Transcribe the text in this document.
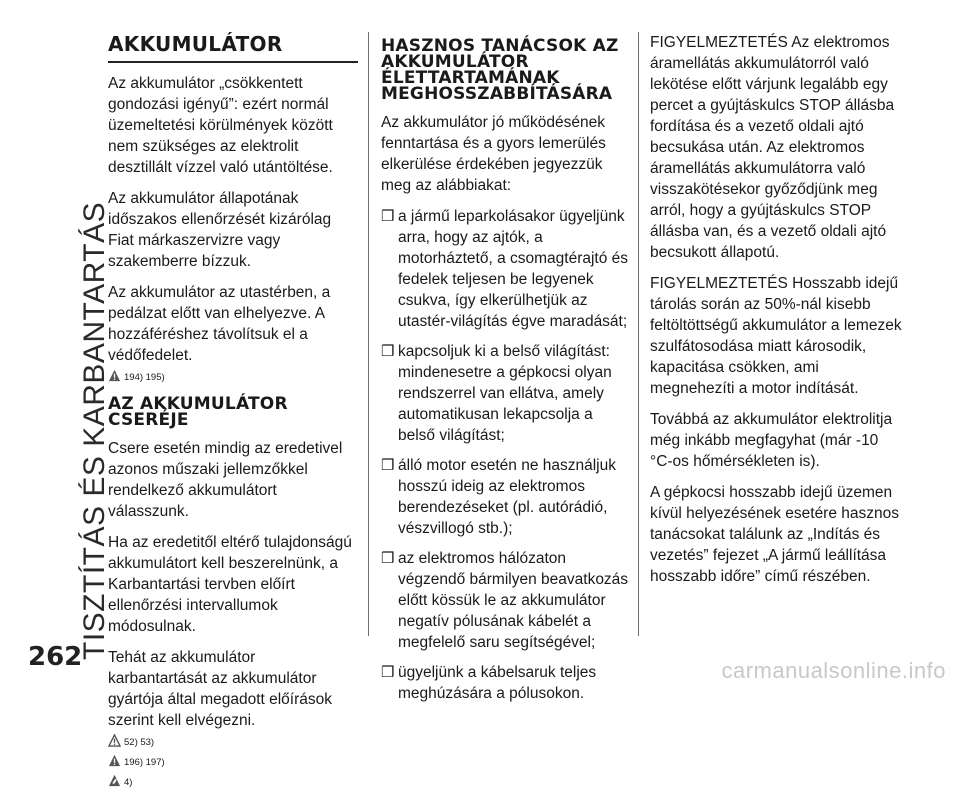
TISZTÍTÁS ÉS KARBANTARTÁS
AKKUMULÁTOR

Az akkumulátor „csökkentett gondozási igényű”: ezért normál üzemeltetési körülmények között nem szükséges az elektrolit desztillált vízzel való utántöltése.

Az akkumulátor állapotának időszakos ellenőrzését kizárólag Fiat márkaszervizre vagy szakemberre bízzuk.

Az akkumulátor az utastérben, a pedálzat előtt van elhelyezve. A hozzáféréshez távolítsuk el a védőfedelet.

194) 195)
AZ AKKUMULÁTOR
CSERÉJE

Csere esetén mindig az eredetivel azonos műszaki jellemzőkkel rendelkező akkumulátort válasszunk.

Ha az eredetitől eltérő tulajdonságú akkumulátort kell beszerelnünk, a Karbantartási tervben előírt ellenőrzési intervallumok módosulnak.

Tehát az akkumulátor karbantartását az akkumulátor gyártója által megadott előírások szerint kell elvégezni.

52) 53)
196) 197)
4)
HASZNOS TANÁCSOK AZ
AKKUMULÁTOR
ÉLETTARTAMÁNAK
MEGHOSSZABBÍTÁSÁRA

Az akkumulátor jó működésének fenntartása és a gyors lemerülés elkerülése érdekében jegyezzük meg az alábbiakat:

❒ a jármű leparkolásakor ügyeljünk arra, hogy az ajtók, a motorháztető, a csomagtérajtó és fedelek teljesen be legyenek csukva, így elkerülhetjük az utastér-világítás égve maradását;
❒ kapcsoljuk ki a belső világítást: mindenesetre a gépkocsi olyan rendszerrel van ellátva, amely automatikusan lekapcsolja a belső világítást;
❒ álló motor esetén ne használjuk hosszú ideig az elektromos berendezéseket (pl. autórádió, vészvillogó stb.);
❒ az elektromos hálózaton végzendő bármilyen beavatkozás előtt kössük le az akkumulátor negatív pólusának kábelét a megfelelő saru segítségével;
❒ ügyeljünk a kábelsaruk teljes meghúzására a pólusokon.

FIGYELMEZTETÉS Az elektromos áramellátás akkumulátorról való lekötése előtt várjunk legalább egy percet a gyújtáskulcs STOP állásba fordítása és a vezető oldali ajtó becsukása után. Az elektromos áramellátás akkumulátorra való visszakötésekor győződjünk meg arról, hogy a gyújtáskulcs STOP állásba van, és a vezető oldali ajtó becsukott állapotú.

FIGYELMEZTETÉS Hosszabb idejű tárolás során az 50%-nál kisebb feltöltöttségű akkumulátor a lemezek szulfátosodása miatt károsodik, kapacitása csökken, ami megnehezíti a motor indítását.

Továbbá az akkumulátor elektrolitja még inkább megfagyhat (már -10 °C-os hőmérsékleten is).

A gépkocsi hosszabb idejű üzemen kívül helyezésének esetére hasznos tanácsokat találunk az „Indítás és vezetés” fejezet „A jármű leállítása hosszabb időre” című részében.

262	carmanualsonline.info
